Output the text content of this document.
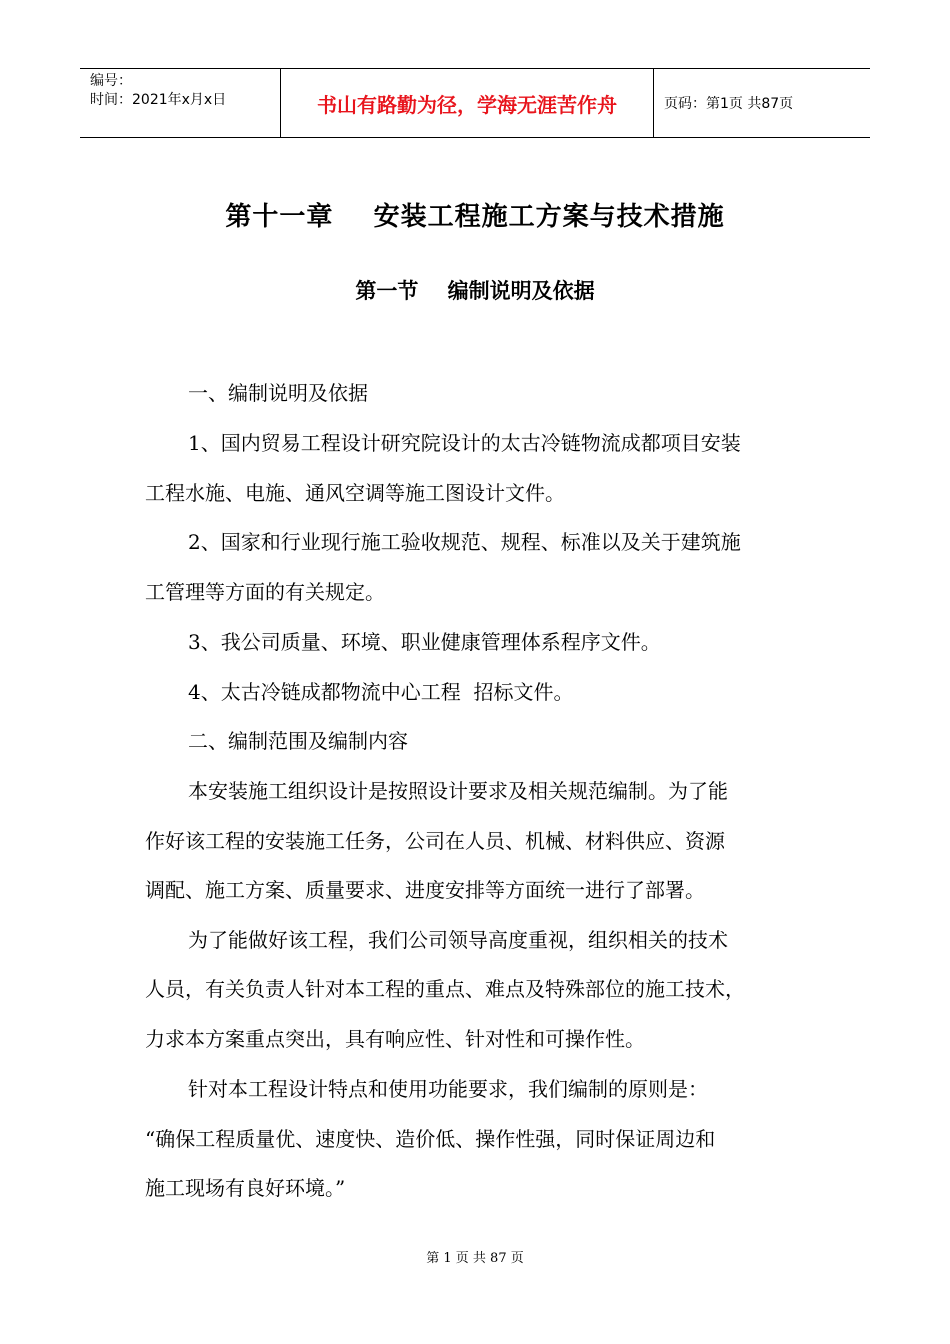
编号：
时间：2021年x月x日	书山有路勤为径，学海无涯苦作舟	页码：第1页 共87页
第十一章    安装工程施工方案与技术措施
第一节    编制说明及依据
一、编制说明及依据
1、国内贸易工程设计研究院设计的太古冷链物流成都项目安装
工程水施、电施、通风空调等施工图设计文件。
2、国家和行业现行施工验收规范、规程、标准以及关于建筑施
工管理等方面的有关规定。
3、我公司质量、环境、职业健康管理体系程序文件。
4、太古冷链成都物流中心工程  招标文件。
二、编制范围及编制内容
本安装施工组织设计是按照设计要求及相关规范编制。为了能
作好该工程的安装施工任务，公司在人员、机械、材料供应、资源
调配、施工方案、质量要求、进度安排等方面统一进行了部署。
为了能做好该工程，我们公司领导高度重视，组织相关的技术
人员，有关负责人针对本工程的重点、难点及特殊部位的施工技术，
力求本方案重点突出，具有响应性、针对性和可操作性。
针对本工程设计特点和使用功能要求，我们编制的原则是：
“确保工程质量优、速度快、造价低、操作性强，同时保证周边和
施工现场有良好环境。”
第 1 页 共 87 页
